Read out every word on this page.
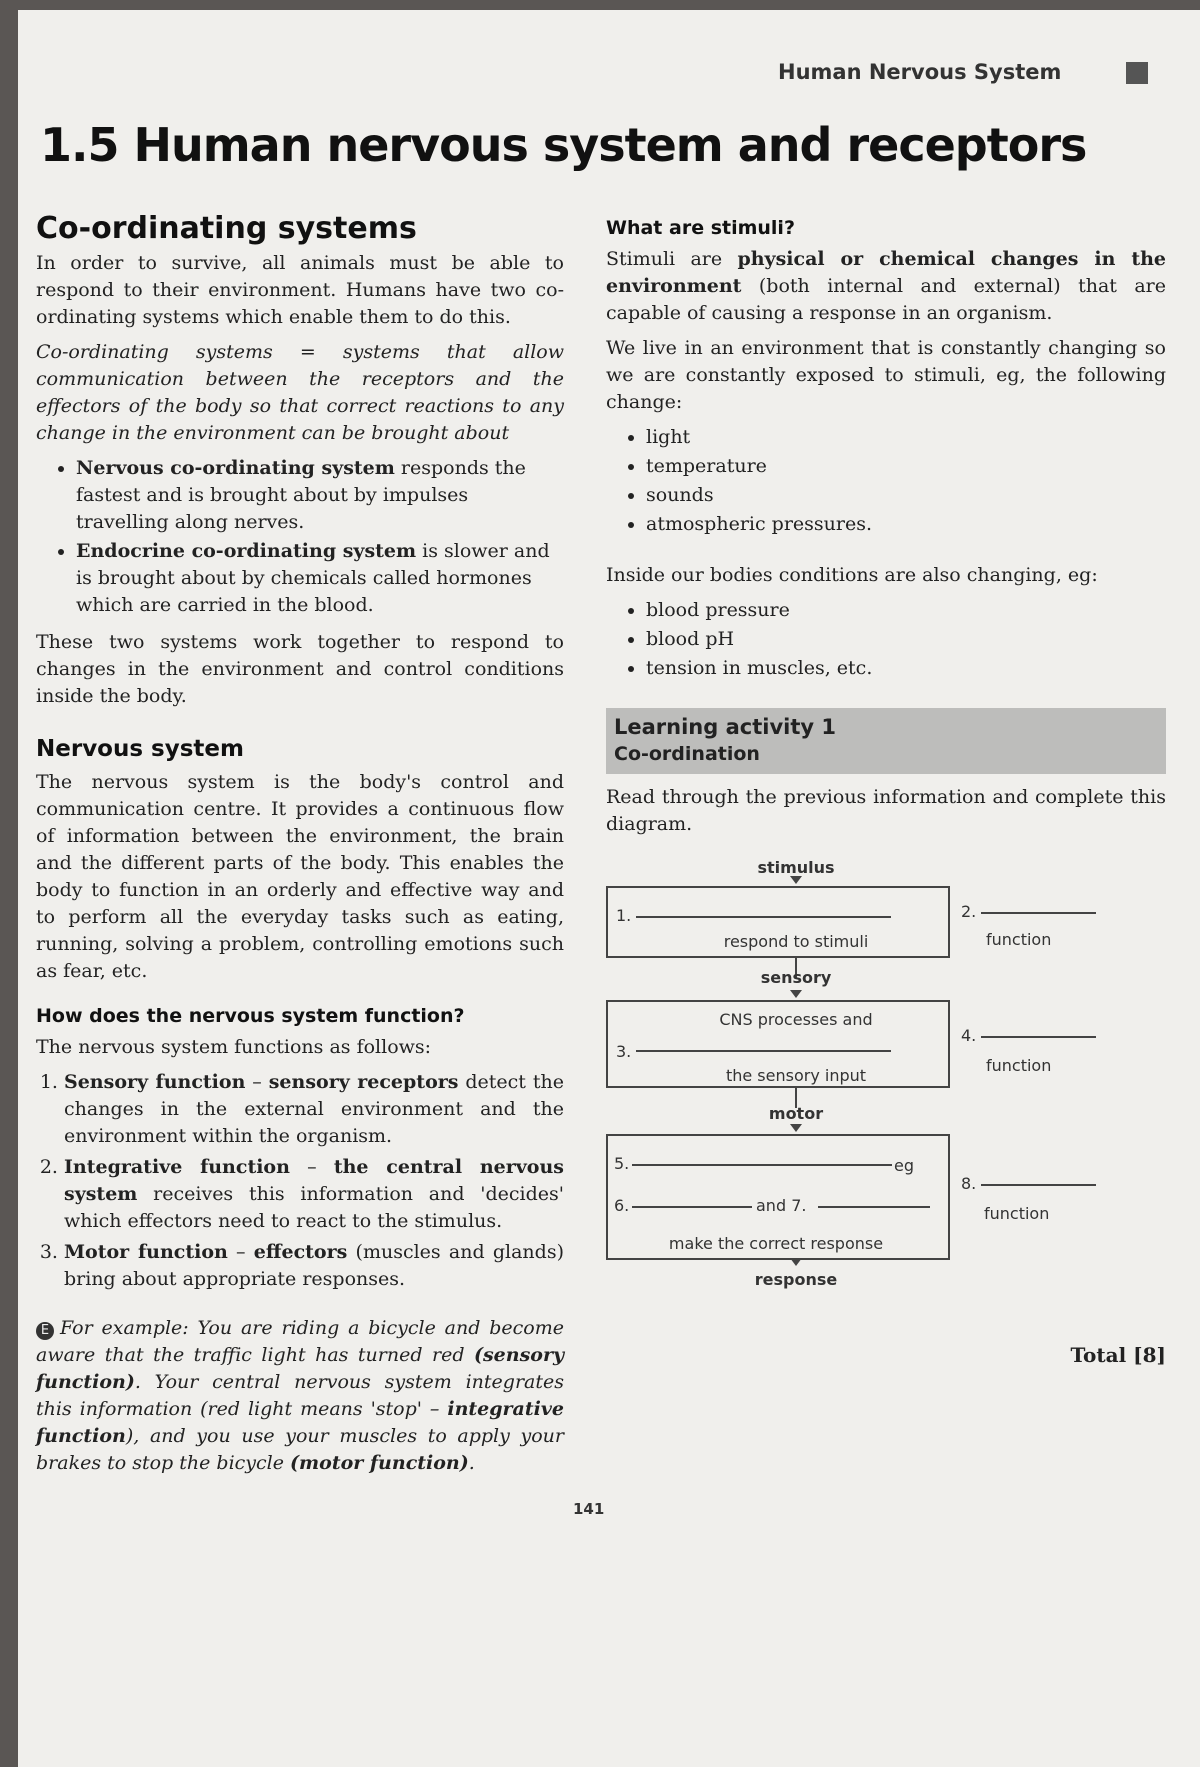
Human Nervous System
1.5 Human nervous system and receptors
Co-ordinating systems

In order to survive, all animals must be able to respond to their environment. Humans have two co-ordinating systems which enable them to do this.

Co-ordinating systems = systems that allow communication between the receptors and the effectors of the body so that correct reactions to any change in the environment can be brought about

• Nervous co-ordinating system responds the fastest and is brought about by impulses travelling along nerves.
• Endocrine co-ordinating system is slower and is brought about by chemicals called hormones which are carried in the blood.

These two systems work together to respond to changes in the environment and control conditions inside the body.

Nervous system

The nervous system is the body's control and communication centre. It provides a continuous flow of information between the environment, the brain and the different parts of the body. This enables the body to function in an orderly and effective way and to perform all the everyday tasks such as eating, running, solving a problem, controlling emotions such as fear, etc.

How does the nervous system function?

The nervous system functions as follows:

1. Sensory function – sensory receptors detect the changes in the external environment and the environment within the organism.
2. Integrative function – the central nervous system receives this information and 'decides' which effectors need to react to the stimulus.
3. Motor function – effectors (muscles and glands) bring about appropriate responses.

E For example: You are riding a bicycle and become aware that the traffic light has turned red (sensory function). Your central nervous system integrates this information (red light means 'stop' – integrative function), and you use your muscles to apply your brakes to stop the bicycle (motor function).

What are stimuli?

Stimuli are physical or chemical changes in the environment (both internal and external) that are capable of causing a response in an organism.

We live in an environment that is constantly changing so we are constantly exposed to stimuli, eg, the following change:

• light
• temperature
• sounds
• atmospheric pressures.

Inside our bodies conditions are also changing, eg:

• blood pressure
• blood pH
• tension in muscles, etc.
Learning activity 1
Co-ordination

Read through the previous information and complete this diagram.

stimulus
1.
respond to stimuli
2.
function
sensory
CNS processes and
3.
the sensory input
4.
function
motor
5.	eg
6.	and 7.
make the correct response
8.
function
response
Total [8]
141
